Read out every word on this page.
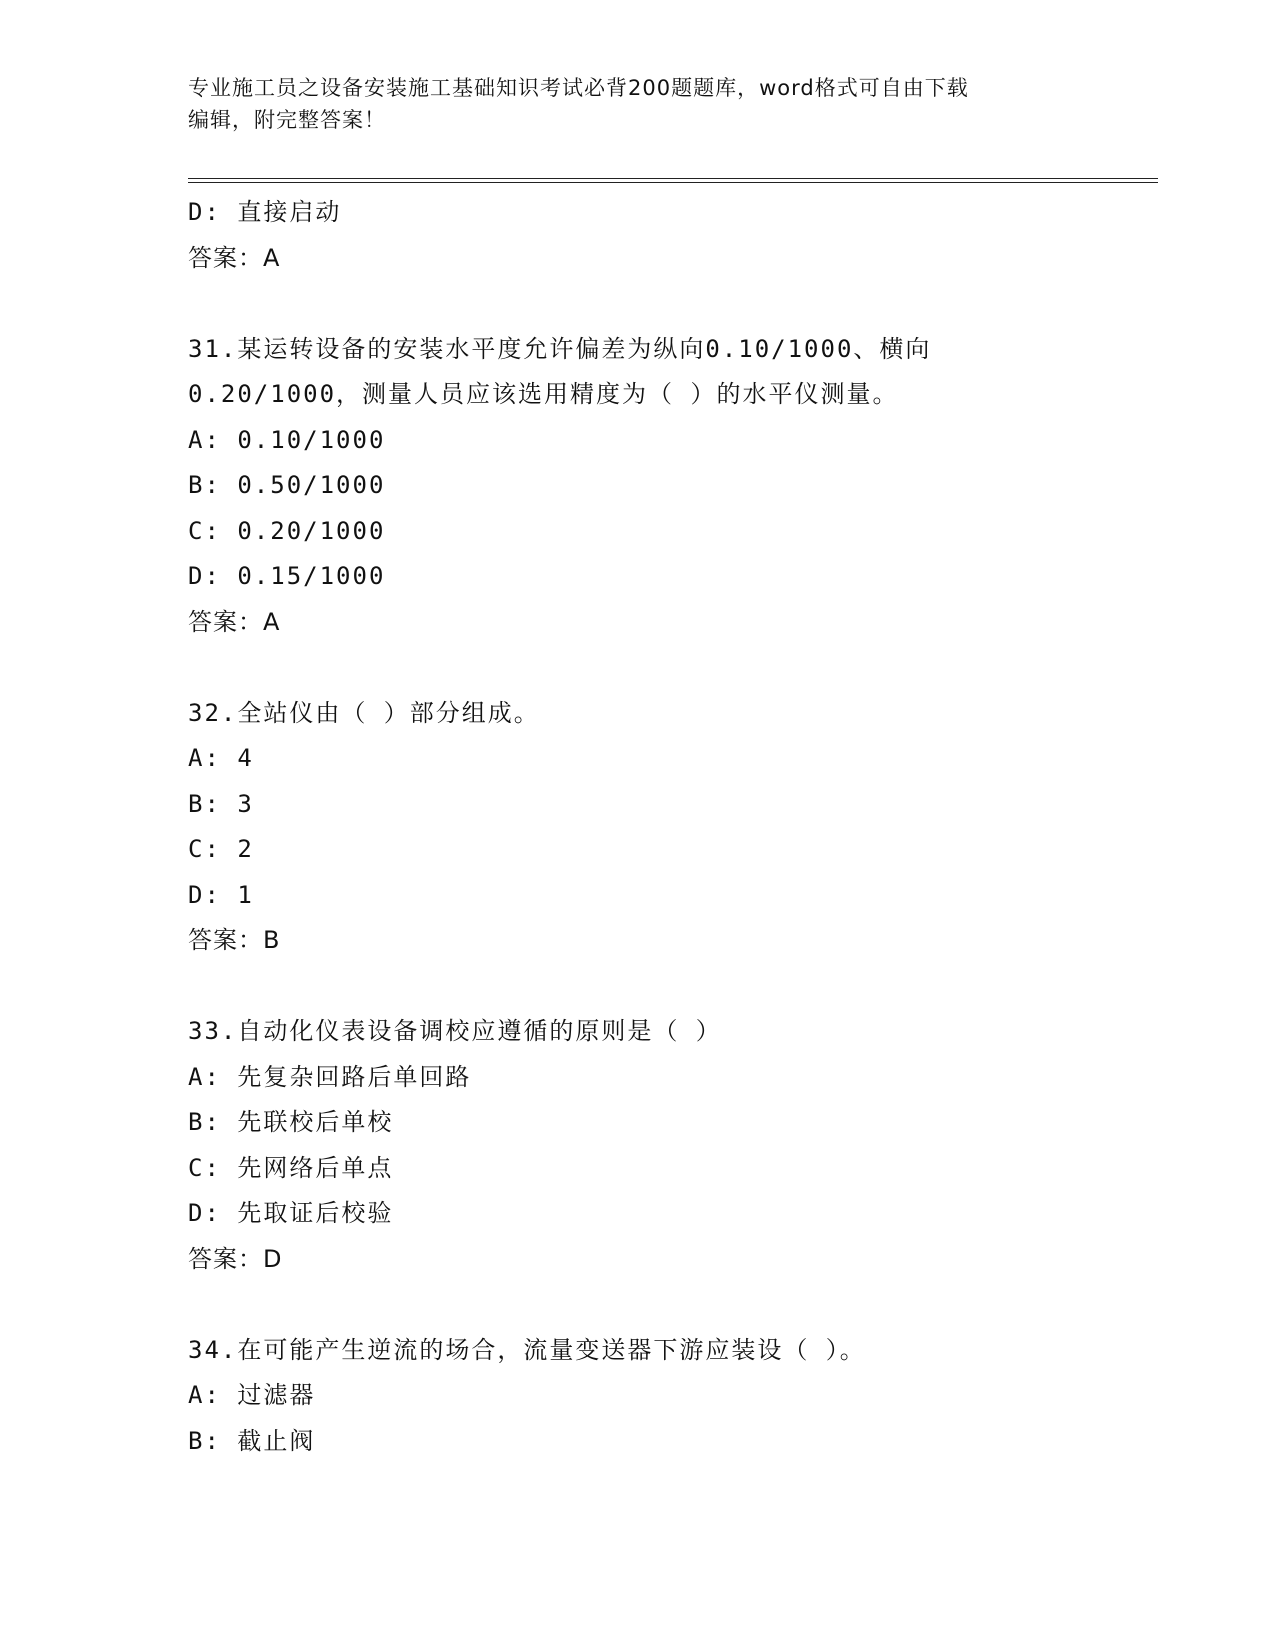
专业施工员之设备安装施工基础知识考试必背200题题库，word格式可自由下载
编辑，附完整答案！
D: 直接启动
答案：A
31.某运转设备的安装水平度允许偏差为纵向0.10/1000、横向
0.20/1000，测量人员应该选用精度为（ ）的水平仪测量。
A: 0.10/1000
B: 0.50/1000
C: 0.20/1000
D: 0.15/1000
答案：A
32.全站仪由（ ）部分组成。
A: 4
B: 3
C: 2
D: 1
答案：B
33.自动化仪表设备调校应遵循的原则是（ ）
A: 先复杂回路后单回路
B: 先联校后单校
C: 先网络后单点
D: 先取证后校验
答案：D
34.在可能产生逆流的场合，流量变送器下游应装设（ ）。
A: 过滤器
B: 截止阀
